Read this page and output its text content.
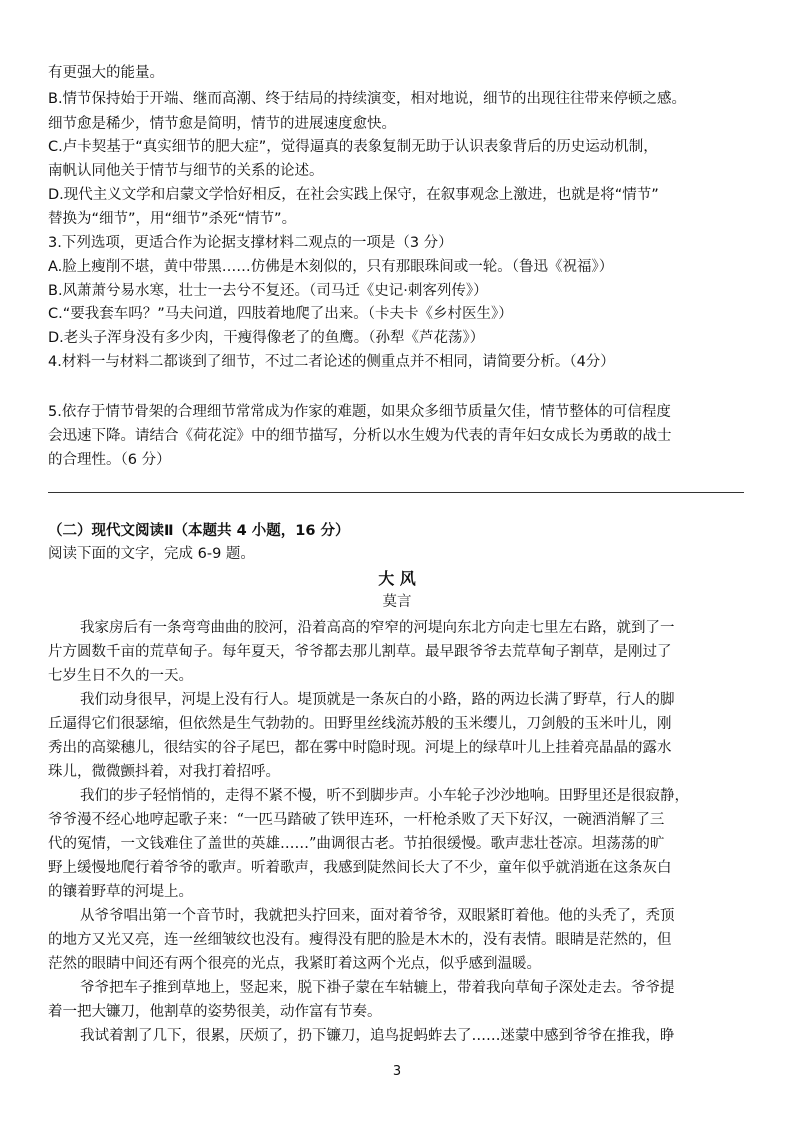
有更强大的能量。
B.情节保持始于开端、继而高潮、终于结局的持续演变，相对地说，细节的出现往往带来停顿之感。
细节愈是稀少，情节愈是简明，情节的进展速度愈快。
C.卢卡契基于“真实细节的肥大症”，觉得逼真的表象复制无助于认识表象背后的历史运动机制，
南帆认同他关于情节与细节的关系的论述。
D.现代主义文学和启蒙文学恰好相反，在社会实践上保守，在叙事观念上激进，也就是将“情节”
替换为“细节”，用“细节”杀死“情节”。
3.下列选项，更适合作为论据支撑材料二观点的一项是（3 分）
A.脸上瘦削不堪，黄中带黑……仿佛是木刻似的，只有那眼珠间或一轮。（鲁迅《祝福》）
B.风萧萧兮易水寒，壮士一去兮不复还。（司马迁《史记·刺客列传》）
C.“要我套车吗？”马夫问道，四肢着地爬了出来。（卡夫卡《乡村医生》）
D.老头子浑身没有多少肉，干瘦得像老了的鱼鹰。（孙犁《芦花荡》）
4.材料一与材料二都谈到了细节，不过二者论述的侧重点并不相同，请简要分析。（4分）
5.依存于情节骨架的合理细节常常成为作家的难题，如果众多细节质量欠佳，情节整体的可信程度
会迅速下降。请结合《荷花淀》中的细节描写，分析以水生嫂为代表的青年妇女成长为勇敢的战士
的合理性。（6 分）
（二）现代文阅读Ⅱ（本题共 4 小题，16 分）
阅读下面的文字，完成 6-9 题。
大 风
莫言
我家房后有一条弯弯曲曲的胶河，沿着高高的窄窄的河堤向东北方向走七里左右路，就到了一
片方圆数千亩的荒草甸子。每年夏天，爷爷都去那儿割草。最早跟爷爷去荒草甸子割草，是刚过了
七岁生日不久的一天。
我们动身很早，河堤上没有行人。堤顶就是一条灰白的小路，路的两边长满了野草，行人的脚
丘逼得它们很瑟缩，但依然是生气勃勃的。田野里丝线流苏般的玉米缨儿，刀剑般的玉米叶儿，刚
秀出的高粱穗儿，很结实的谷子尾巴，都在雾中时隐时现。河堤上的绿草叶儿上挂着亮晶晶的露水
珠儿，微微颤抖着，对我打着招呼。
我们的步子轻悄悄的，走得不紧不慢，听不到脚步声。小车轮子沙沙地响。田野里还是很寂静，
爷爷漫不经心地哼起歌子来：“一匹马踏破了铁甲连环，一杆枪杀败了天下好汉，一碗酒消解了三
代的冤情，一文钱难住了盖世的英雄……”曲调很古老。节拍很缓慢。歌声悲壮苍凉。坦荡荡的旷
野上缓慢地爬行着爷爷的歌声。听着歌声，我感到陡然间长大了不少，童年似乎就消逝在这条灰白
的镶着野草的河堤上。
从爷爷唱出第一个音节时，我就把头拧回来，面对着爷爷，双眼紧盯着他。他的头秃了，秃顶
的地方又光又亮，连一丝细皱纹也没有。瘦得没有肥的脸是木木的，没有表情。眼睛是茫然的，但
茫然的眼睛中间还有两个很亮的光点，我紧盯着这两个光点，似乎感到温暖。
爷爷把车子推到草地上，竖起来，脱下褂子蒙在车轱辘上，带着我向草甸子深处走去。爷爷提
着一把大镰刀，他割草的姿势很美，动作富有节奏。
我试着割了几下，很累，厌烦了，扔下镰刀，追鸟捉蚂蚱去了……迷蒙中感到爷爷在推我，睁
3
